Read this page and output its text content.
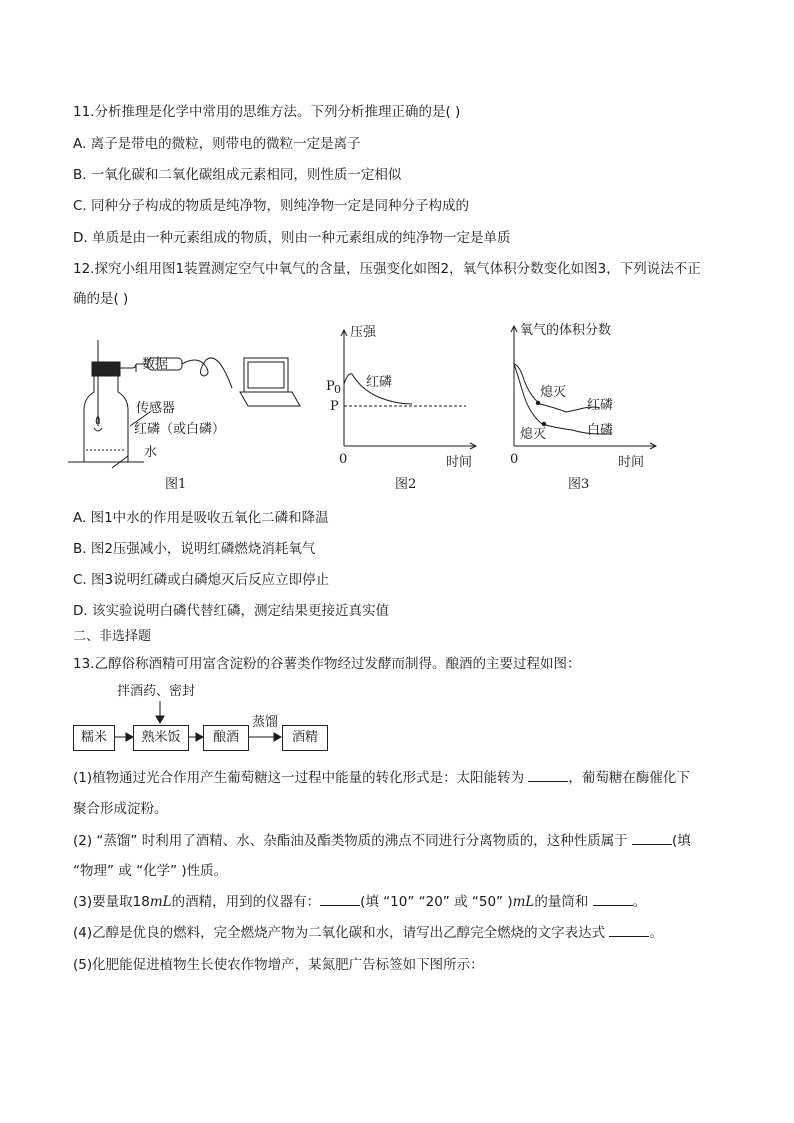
11.分析推理是化学中常用的思维方法。下列分析推理正确的是( )
A. 离子是带电的微粒，则带电的微粒一定是离子
B. 一氧化碳和二氧化碳组成元素相同，则性质一定相似
C. 同种分子构成的物质是纯净物，则纯净物一定是同种分子构成的
D. 单质是由一种元素组成的物质，则由一种元素组成的纯净物一定是单质
12.探究小组用图1装置测定空气中氧气的含量，压强变化如图2，氧气体积分数变化如图3，下列说法不正
确的是( )
数据
传感器
红磷（或白磷）
水
图1
压强
时间
0
P 0
P
红磷
图2
氧气的体积分数
时间
0
熄灭
熄灭
红磷
白磷
图3
A. 图1中水的作用是吸收五氧化二磷和降温
B. 图2压强减小，说明红磷燃烧消耗氧气
C. 图3说明红磷或白磷熄灭后反应立即停止
D. 该实验说明白磷代替红磷，测定结果更接近真实值
二、非选择题
13.乙醇俗称酒精可用富含淀粉的谷薯类作物经过发酵而制得。酿酒的主要过程如图：
拌酒药、密封
糯米	熟米饭	酿酒	酒精
蒸馏
(1)植物通过光合作用产生葡萄糖这一过程中能量的转化形式是：太阳能转为	，葡萄糖在酶催化下
聚合形成淀粉。
(2) “蒸馏” 时利用了酒精、水、杂酯油及酯类物质的沸点不同进行分离物质的，这种性质属于	(填
“物理” 或 “化学” )性质。
(3)要量取18mL的酒精，用到的仪器有：	(填 “10” “20” 或 “50” )mL的量筒和	。
(4)乙醇是优良的燃料，完全燃烧产物为二氧化碳和水，请写出乙醇完全燃烧的文字表达式	。
(5)化肥能促进植物生长使农作物增产，某氮肥广告标签如下图所示：
